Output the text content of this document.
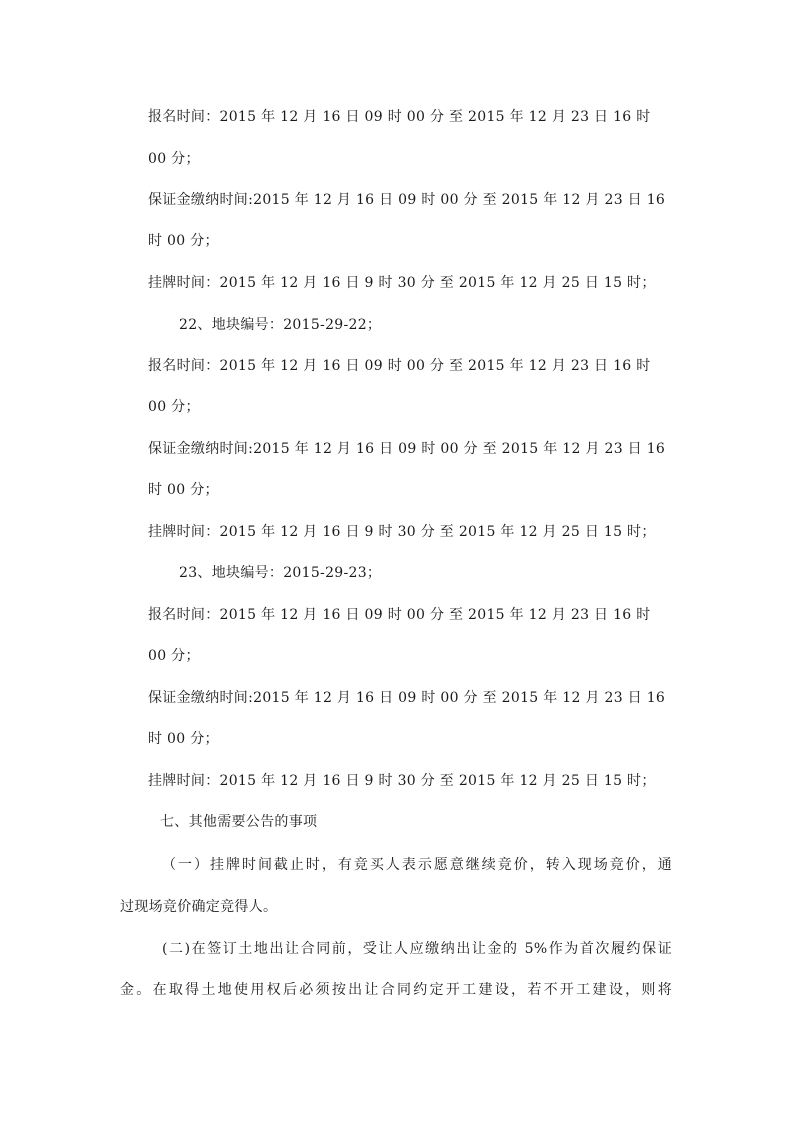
报名时间：2015 年 12 月 16 日 09 时 00 分 至 2015 年 12 月 23 日 16 时
00 分；
保证金缴纳时间:2015 年 12 月 16 日 09 时 00 分 至 2015 年 12 月 23 日 16
时 00 分；
挂牌时间：2015 年 12 月 16 日 9 时 30 分 至 2015 年 12 月 25 日 15 时；
22、地块编号：2015-29-22；
报名时间：2015 年 12 月 16 日 09 时 00 分 至 2015 年 12 月 23 日 16 时
00 分；
保证金缴纳时间:2015 年 12 月 16 日 09 时 00 分 至 2015 年 12 月 23 日 16
时 00 分；
挂牌时间：2015 年 12 月 16 日 9 时 30 分 至 2015 年 12 月 25 日 15 时；
23、地块编号：2015-29-23；
报名时间：2015 年 12 月 16 日 09 时 00 分 至 2015 年 12 月 23 日 16 时
00 分；
保证金缴纳时间:2015 年 12 月 16 日 09 时 00 分 至 2015 年 12 月 23 日 16
时 00 分；
挂牌时间：2015 年 12 月 16 日 9 时 30 分 至 2015 年 12 月 25 日 15 时；
七、其他需要公告的事项
（一）挂牌时间截止时，有竞买人表示愿意继续竞价，转入现场竞价，通
过现场竞价确定竞得人。
(二)在签订土地出让合同前，受让人应缴纳出让金的 5%作为首次履约保证
金。在取得土地使用权后必须按出让合同约定开工建设，若不开工建设，则将
